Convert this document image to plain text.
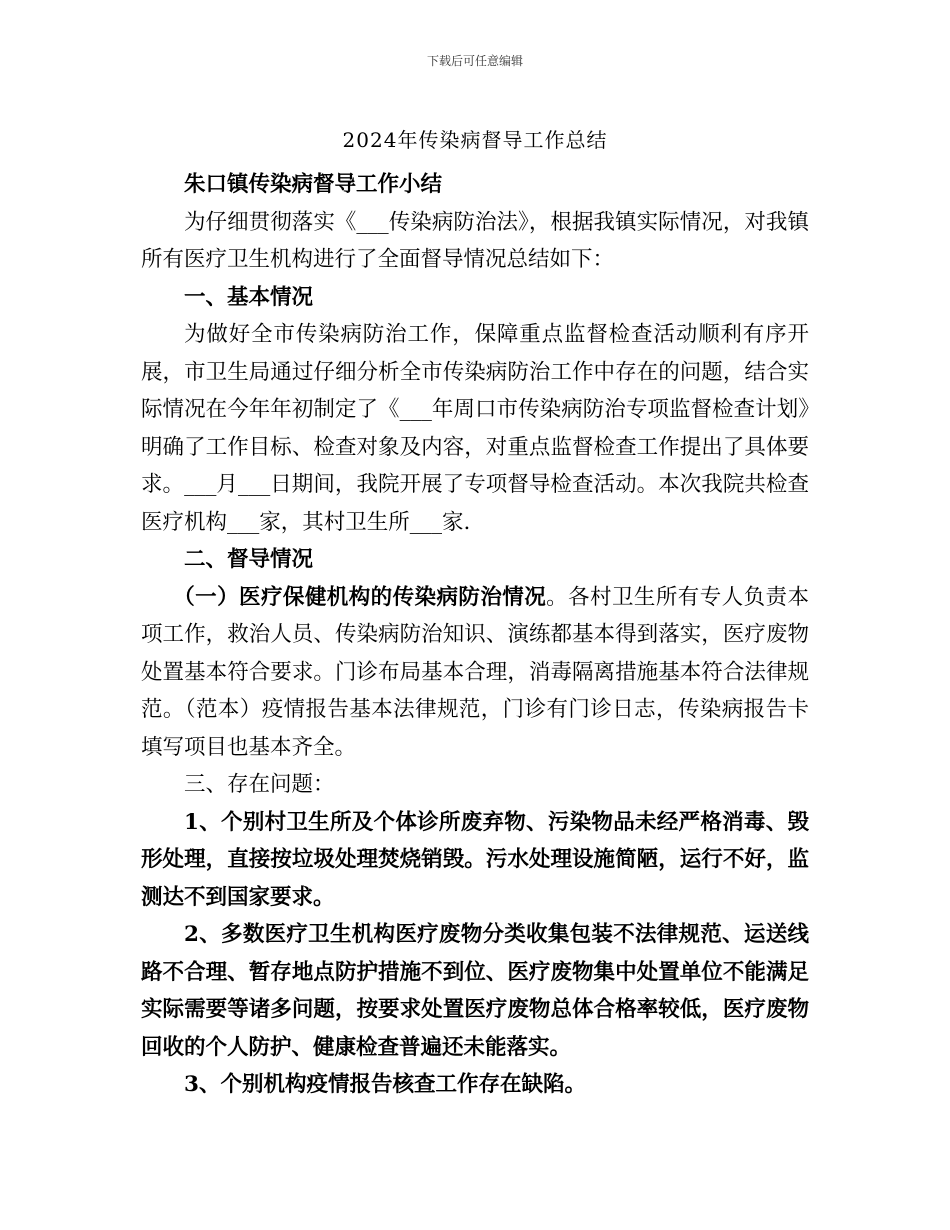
下载后可任意编辑
2024年传染病督导工作总结

朱口镇传染病督导工作小结

为仔细贯彻落实《___传染病防治法》，根据我镇实际情况，对我镇所有医疗卫生机构进行了全面督导情况总结如下：

一、基本情况

为做好全市传染病防治工作，保障重点监督检查活动顺利有序开展，市卫生局通过仔细分析全市传染病防治工作中存在的问题，结合实际情况在今年年初制定了《___年周口市传染病防治专项监督检查计划》明确了工作目标、检查对象及内容，对重点监督检查工作提出了具体要求。___月___日期间，我院开展了专项督导检查活动。本次我院共检查医疗机构___家，其村卫生所___家.

二、督导情况

（一）医疗保健机构的传染病防治情况。各村卫生所有专人负责本项工作，救治人员、传染病防治知识、演练都基本得到落实，医疗废物处置基本符合要求。门诊布局基本合理，消毒隔离措施基本符合法律规范。（范本）疫情报告基本法律规范，门诊有门诊日志，传染病报告卡填写项目也基本齐全。

三、存在问题：

1、个别村卫生所及个体诊所废弃物、污染物品未经严格消毒、毁形处理，直接按垃圾处理焚烧销毁。污水处理设施简陋，运行不好，监测达不到国家要求。

2、多数医疗卫生机构医疗废物分类收集包装不法律规范、运送线路不合理、暂存地点防护措施不到位、医疗废物集中处置单位不能满足实际需要等诸多问题，按要求处置医疗废物总体合格率较低，医疗废物回收的个人防护、健康检查普遍还未能落实。

3、个别机构疫情报告核查工作存在缺陷。
